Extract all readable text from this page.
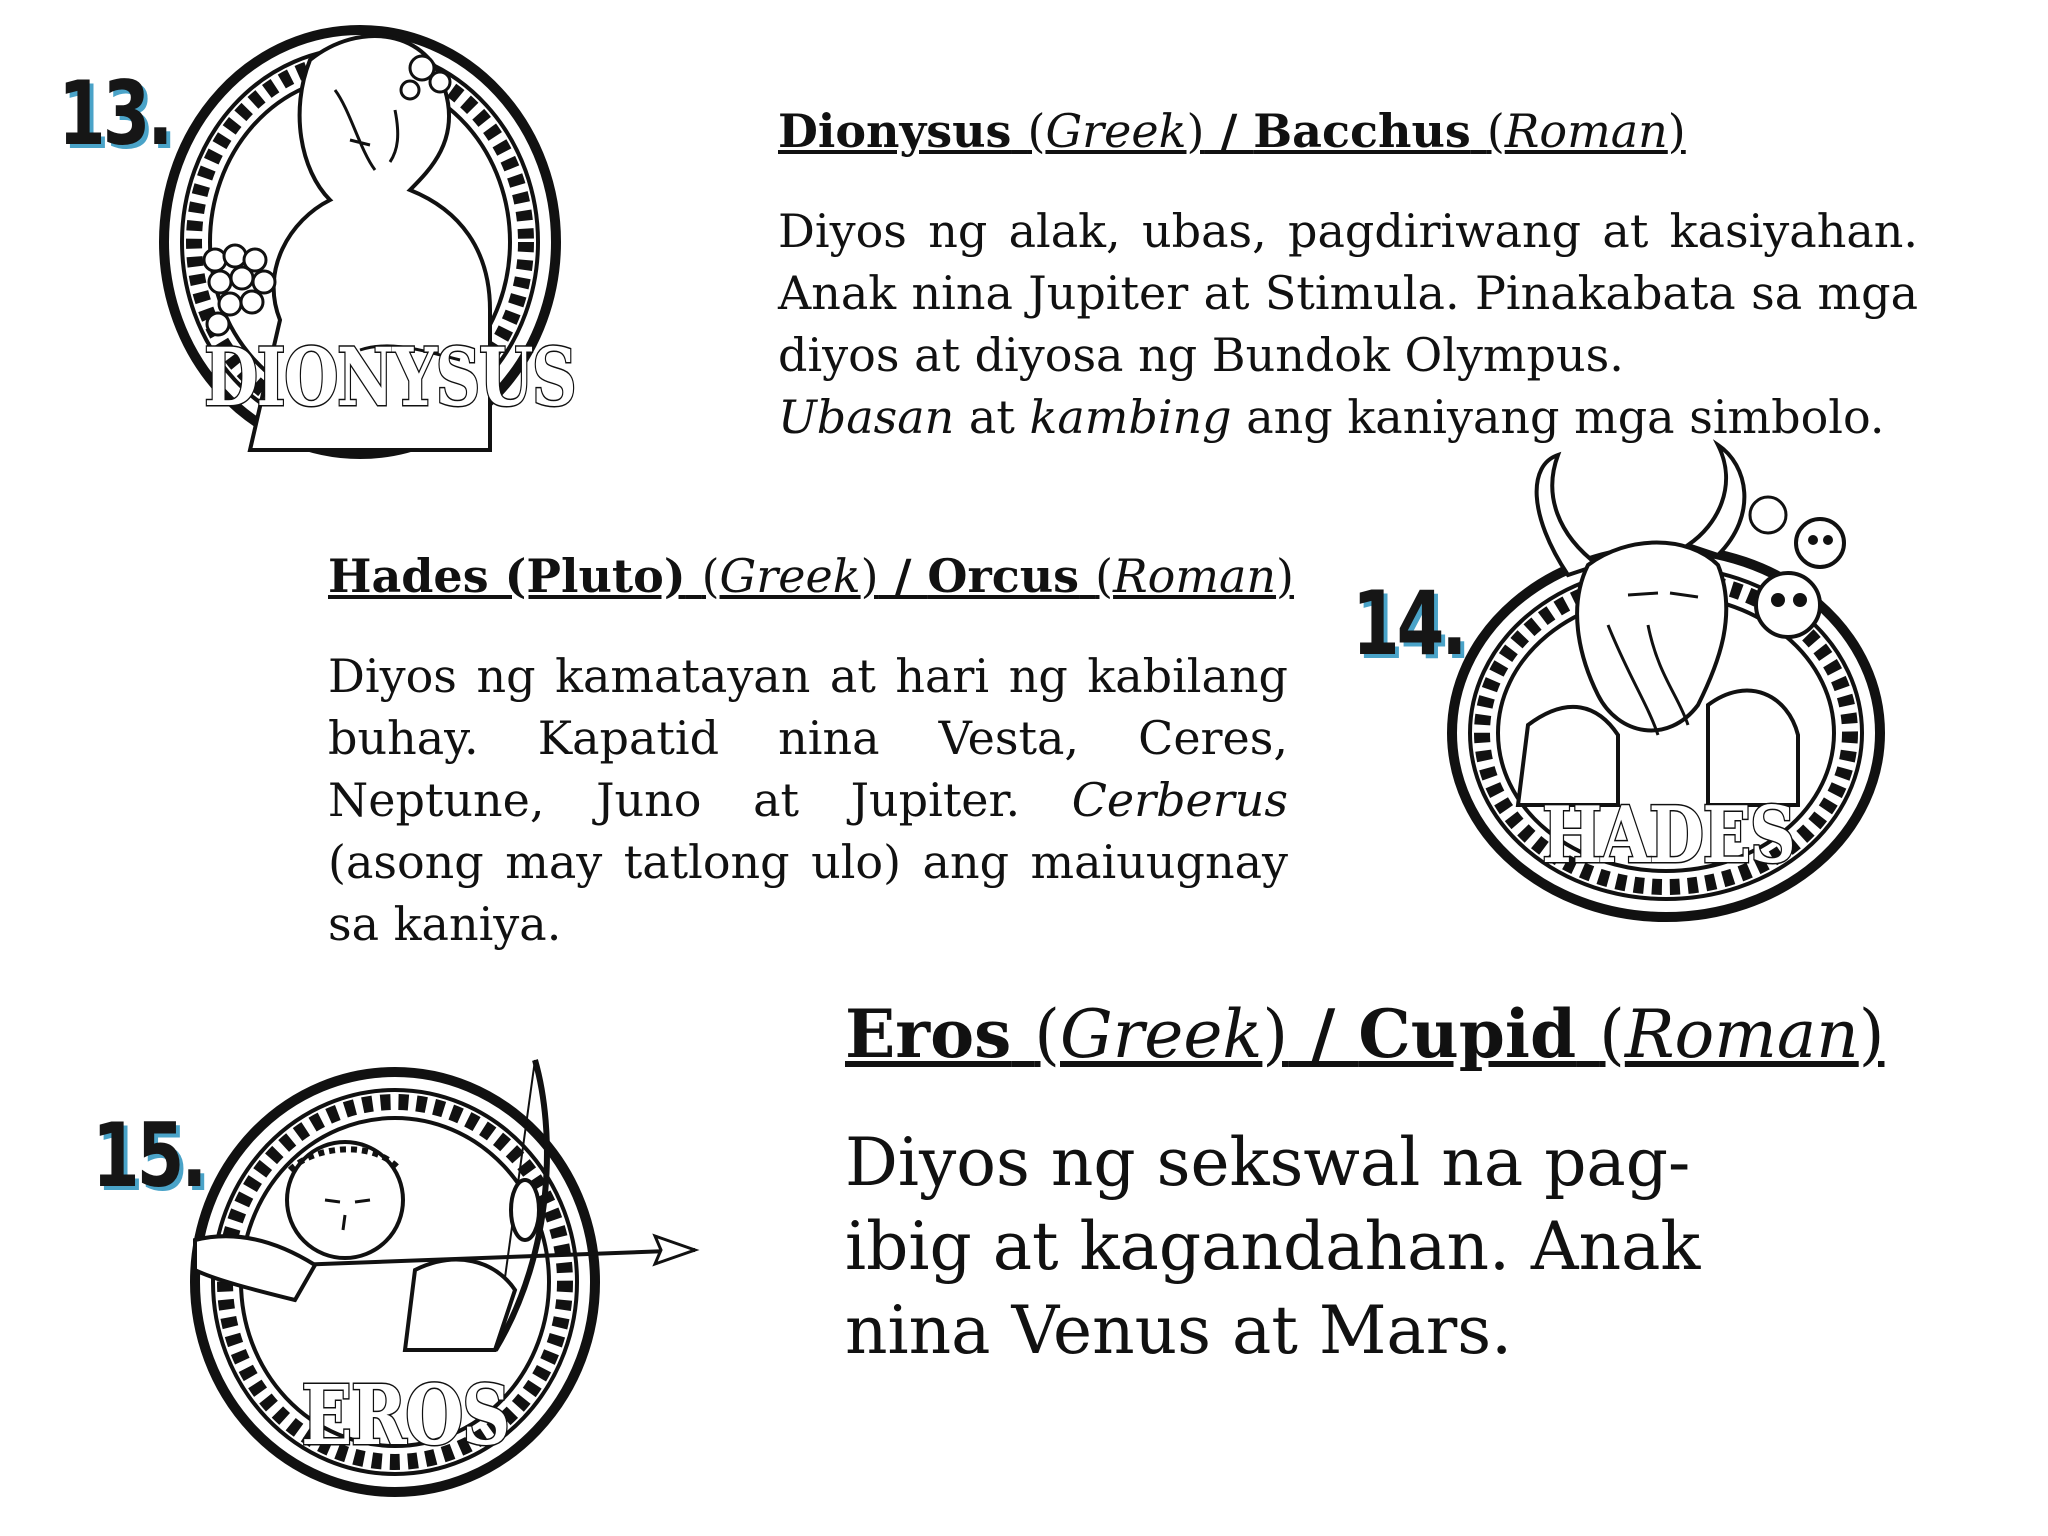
13.
DIONYSUS
Dionysus (Greek) / Bacchus (Roman)
Diyos ng alak, ubas, pagdiriwang at kasiyahan. Anak nina Jupiter at Stimula. Pinakabata sa mga diyos at diyosa ng Bundok Olympus.
Ubasan at kambing ang kaniyang mga simbolo.
14.
HADES
Hades (Pluto) (Greek) / Orcus (Roman)
Diyos ng kamatayan at hari ng kabilang buhay. Kapatid nina Vesta, Ceres, Neptune, Juno at Jupiter. Cerberus (asong may tatlong ulo) ang maiuugnay sa kaniya.
15.
EROS
Eros (Greek) / Cupid (Roman)
Diyos ng sekswal na pag-
ibig at kagandahan. Anak
nina Venus at Mars.
